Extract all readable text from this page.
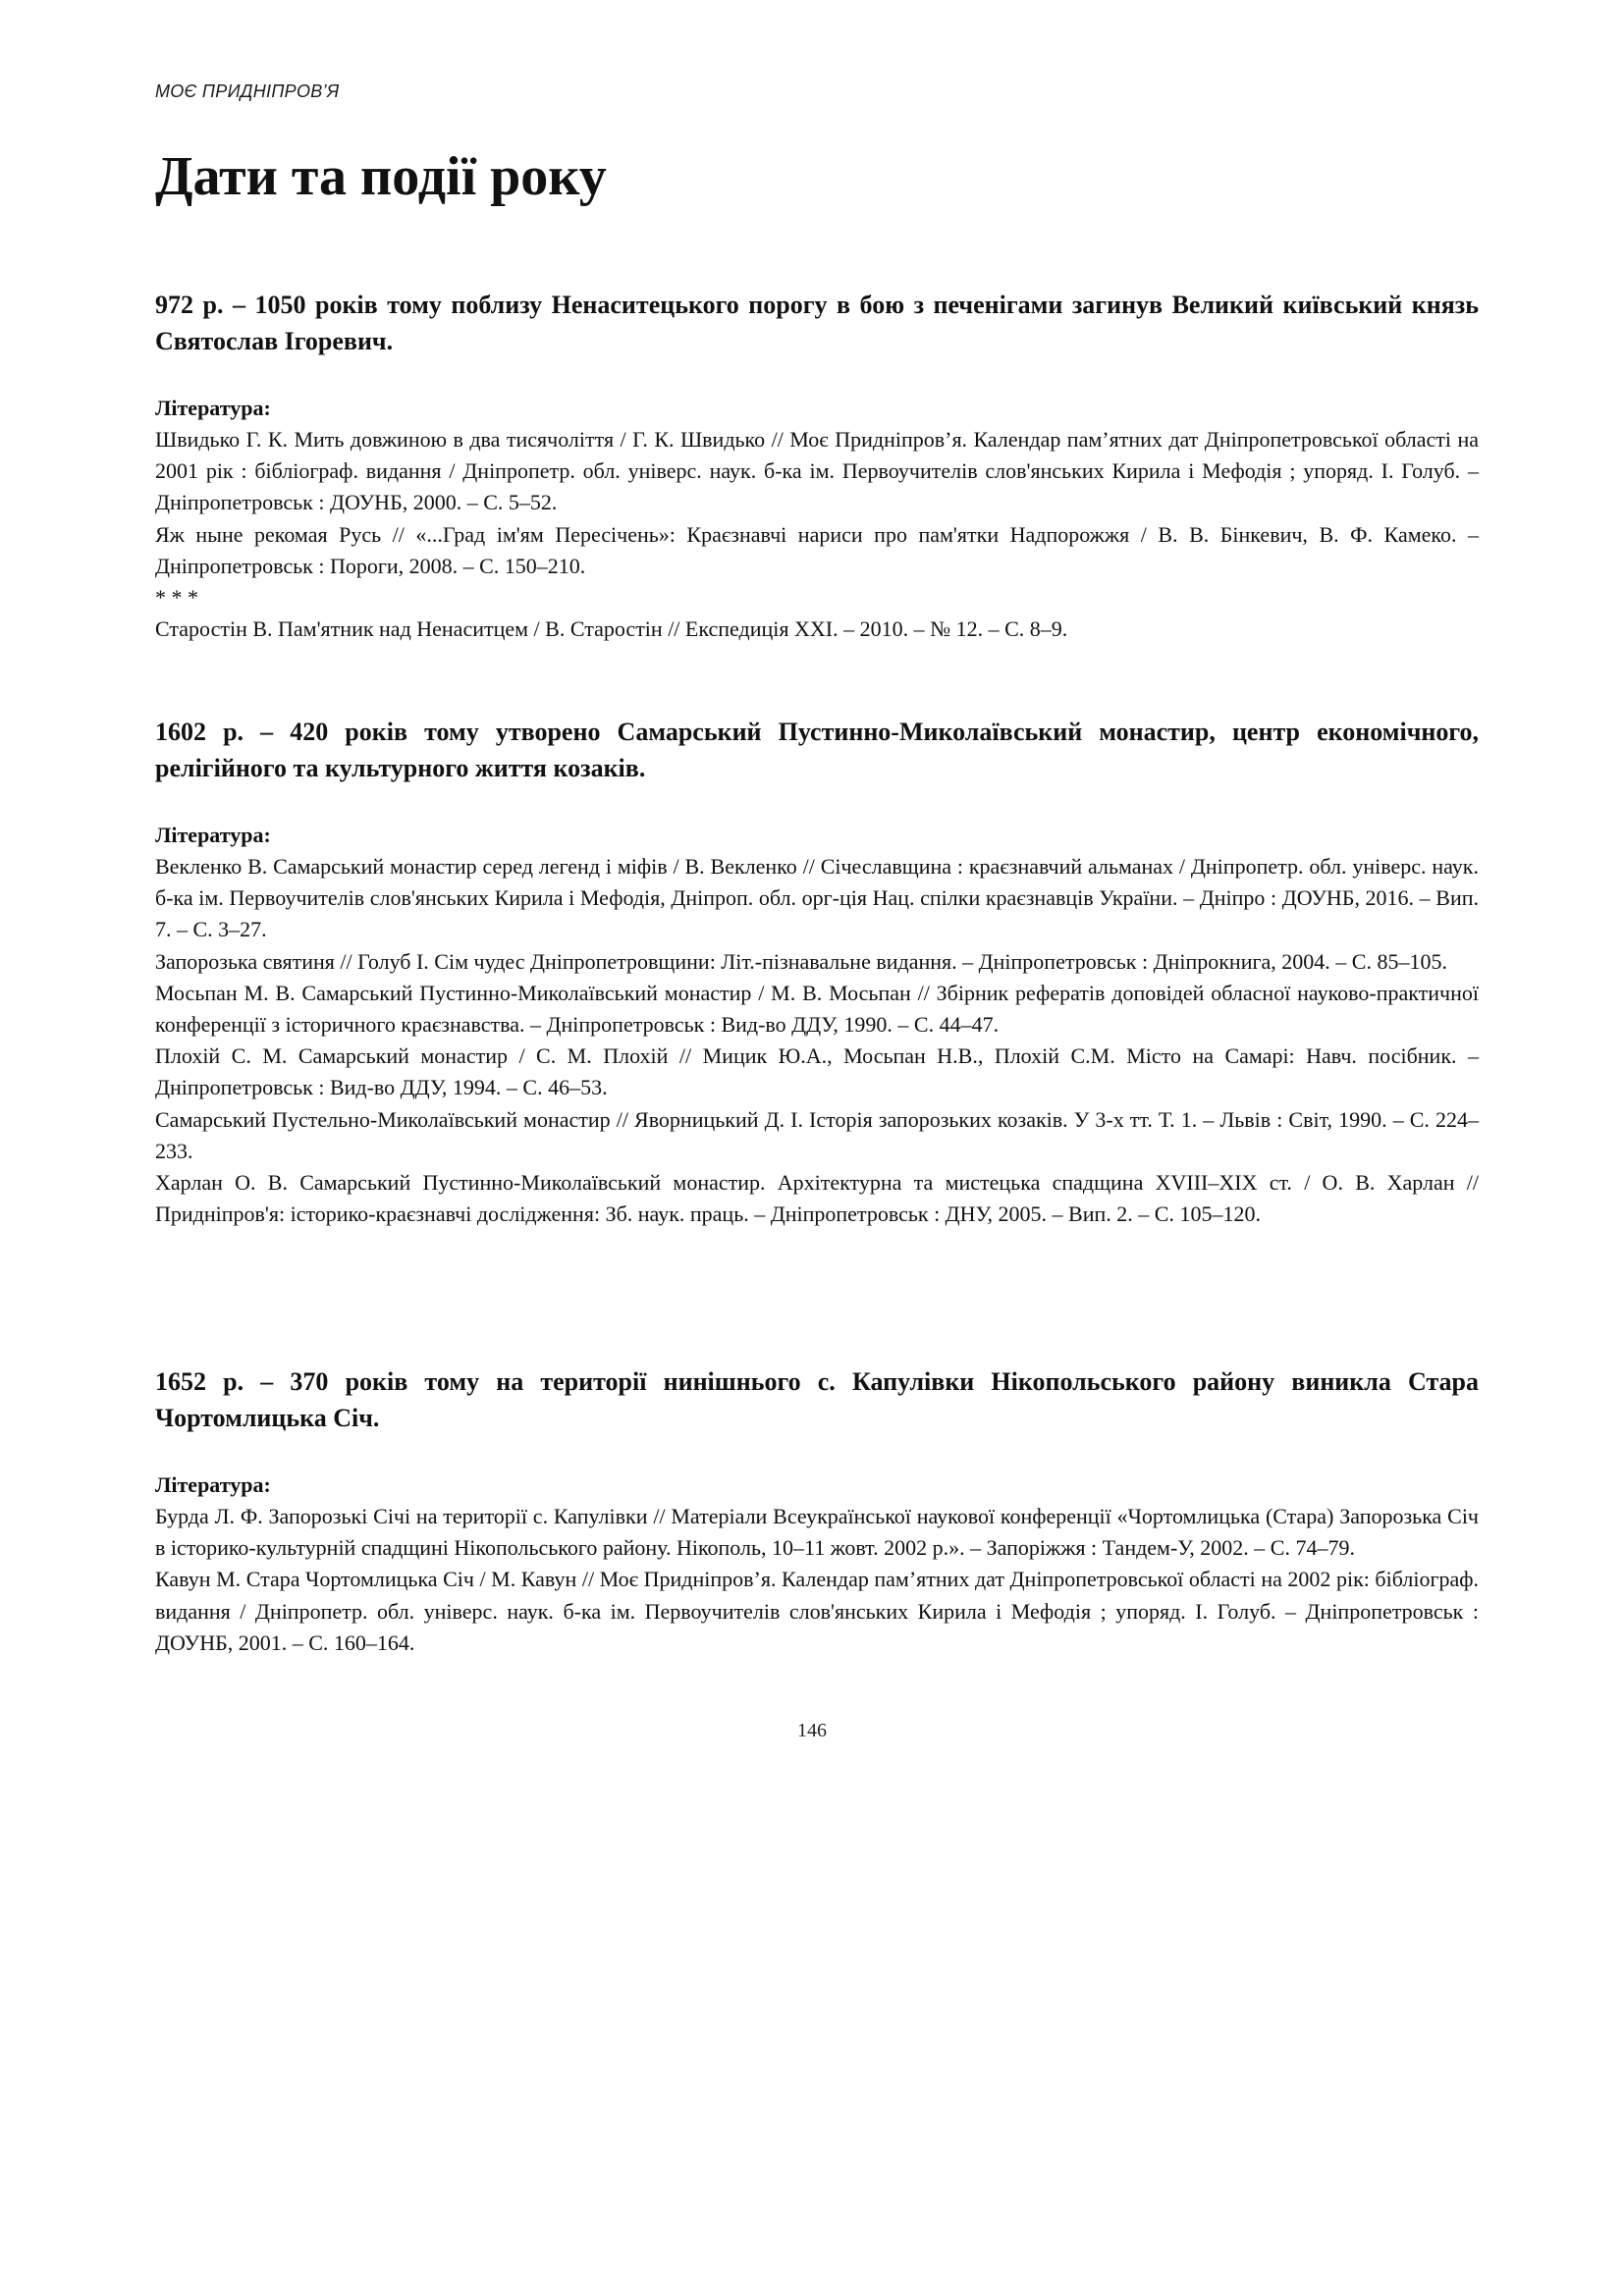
МОЄ ПРИДНІПРОВ’Я
Дати та події року

972 р. – 1050 років тому поблизу Ненаситецького порогу в бою з печенігами загинув Великий київський князь Святослав Ігоревич.

Література:

Швидько Г. К. Мить довжиною в два тисячоліття / Г. К. Швидько // Моє Придніпров’я. Календар пам’ятних дат Дніпропетровської області на 2001 рік : бібліограф. видання / Дніпропетр. обл. універс. наук. б-ка ім. Первоучителів слов'янських Кирила і Мефодія ; упоряд. І. Голуб. – Дніпропетровськ : ДОУНБ, 2000. – С. 5–52.
Яж ныне рекомая Русь // «...Град ім'ям Пересічень»: Краєзнавчі нариси про пам'ятки Надпорожжя / В. В. Бінкевич, В. Ф. Камеко. – Дніпропетровськ : Пороги, 2008. – С. 150–210.
* * *
Старостін В. Пам'ятник над Ненаситцем / В. Старостін // Експедиція ХХІ. – 2010. – № 12. – С. 8–9.

1602 р. – 420 років тому утворено Самарський Пустинно-Миколаївський монастир, центр економічного, релігійного та культурного життя козаків.

Література:

Векленко В. Самарський монастир серед легенд і міфів / В. Векленко // Січеславщина : краєзнавчий альманах / Дніпропетр. обл. універс. наук. б-ка ім. Первоучителів слов'янських Кирила і Мефодія, Дніпроп. обл. орг-ція Нац. спілки краєзнавців України. – Дніпро : ДОУНБ, 2016. – Вип. 7. – С. 3–27.
Запорозька святиня // Голуб І. Сім чудес Дніпропетровщини: Літ.-пізнавальне видання. – Дніпропетровськ : Дніпрокнига, 2004. – С. 85–105.
Мосьпан М. В. Самарський Пустинно-Миколаївський монастир / М. В. Мосьпан // Збірник рефератів доповідей обласної науково-практичної конференції з історичного краєзнавства. – Дніпропетровськ : Вид-во ДДУ, 1990. – С. 44–47.
Плохій С. М. Самарський монастир / С. М. Плохій // Мицик Ю.А., Мосьпан Н.В., Плохій С.М. Місто на Самарі: Навч. посібник. – Дніпропетровськ : Вид-во ДДУ, 1994. – С. 46–53.
Самарський Пустельно-Миколаївський монастир // Яворницький Д. І. Історія запорозьких козаків. У 3-х тт. Т. 1. – Львів : Світ, 1990. – С. 224–233.
Харлан О. В. Самарський Пустинно-Миколаївський монастир. Архітектурна та мистецька спадщина XVIII–XIX ст. / О. В. Харлан // Придніпров'я: історико-краєзнавчі дослідження: Зб. наук. праць. – Дніпропетровськ : ДНУ, 2005. – Вип. 2. – С. 105–120.

1652 р. – 370 років тому на території нинішнього с. Капулівки Нікопольського району виникла Стара Чортомлицька Січ.

Література:

Бурда Л. Ф. Запорозькі Січі на території с. Капулівки // Матеріали Всеукраїнської наукової конференції «Чортомлицька (Стара) Запорозька Січ в історико-культурній спадщині Нікопольського району. Нікополь, 10–11 жовт. 2002 р.». – Запоріжжя : Тандем-У, 2002. – С. 74–79.
Кавун М. Стара Чортомлицька Січ / М. Кавун // Моє Придніпров’я. Календар пам’ятних дат Дніпропетровської області на 2002 рік: бібліограф. видання / Дніпропетр. обл. універс. наук. б-ка ім. Первоучителів слов'янських Кирила і Мефодія ; упоряд. І. Голуб. – Дніпропетровськ : ДОУНБ, 2001. – С. 160–164.
146
